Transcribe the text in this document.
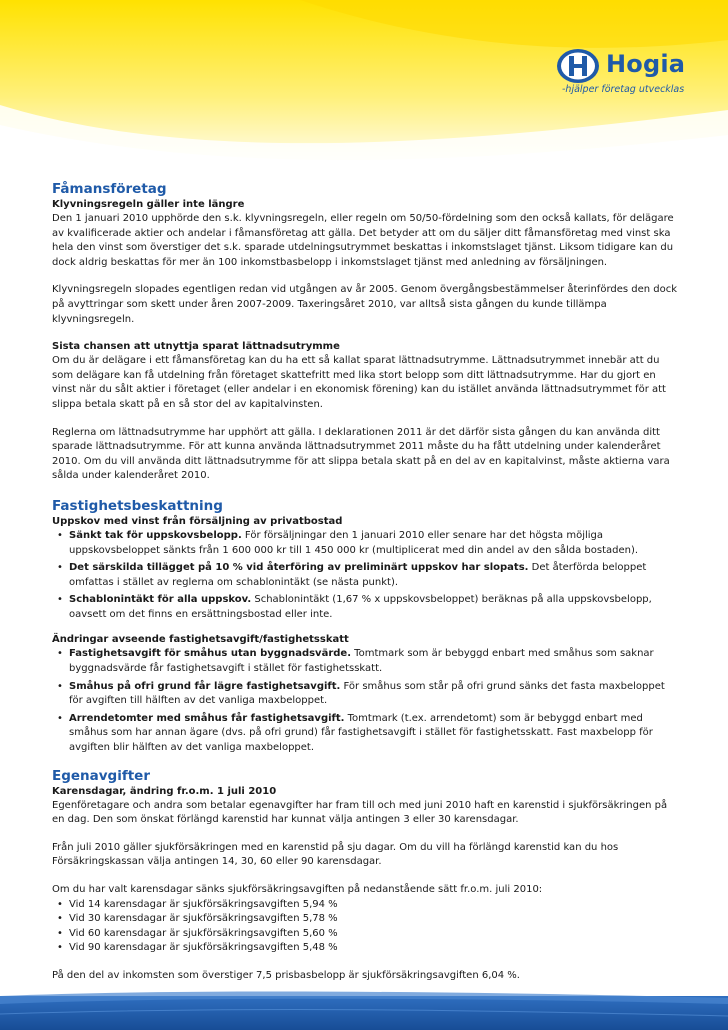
Hogia
-hjälper företag utvecklas
Fåmansföretag
Klyvningsregeln gäller inte längre

Den 1 januari 2010 upphörde den s.k. klyvningsregeln, eller regeln om 50/50-fördelning som den också kallats, för delägare av kvalificerade aktier och andelar i fåmansföretag att gälla. Det betyder att om du säljer ditt fåmansföretag med vinst ska hela den vinst som överstiger det s.k. sparade utdelningsutrymmet beskattas i inkomstslaget tjänst. Liksom tidigare kan du dock aldrig beskattas för mer än 100 inkomstbasbelopp i inkomstslaget tjänst med anledning av försäljningen.

Klyvningsregeln slopades egentligen redan vid utgången av år 2005. Genom övergångsbestämmelser återinfördes den dock på avyttringar som skett under åren 2007-2009. Taxeringsåret 2010, var alltså sista gången du kunde tillämpa klyvningsregeln.

Sista chansen att utnyttja sparat lättnadsutrymme

Om du är delägare i ett fåmansföretag kan du ha ett så kallat sparat lättnadsutrymme. Lättnadsutrymmet innebär att du som delägare kan få utdelning från företaget skattefritt med lika stort belopp som ditt lättnadsutrymme. Har du gjort en vinst när du sålt aktier i företaget (eller andelar i en ekonomisk förening) kan du istället använda lättnadsutrymmet för att slippa betala skatt på en så stor del av kapitalvinsten.

Reglerna om lättnadsutrymme har upphört att gälla. I deklarationen 2011 är det därför sista gången du kan använda ditt sparade lättnadsutrymme. För att kunna använda lättnadsutrymmet 2011 måste du ha fått utdelning under kalenderåret 2010. Om du vill använda ditt lättnadsutrymme för att slippa betala skatt på en del av en kapitalvinst, måste aktierna vara sålda under kalenderåret 2010.

Fastighetsbeskattning
Uppskov med vinst från försäljning av privatbostad
• Sänkt tak för uppskovsbelopp. För försäljningar den 1 januari 2010 eller senare har det högsta möjliga uppskovsbeloppet sänkts från 1 600 000 kr till 1 450 000 kr (multiplicerat med din andel av den sålda bostaden).
• Det särskilda tillägget på 10 % vid återföring av preliminärt uppskov har slopats. Det återförda beloppet omfattas i stället av reglerna om schablonintäkt (se nästa punkt).
• Schablonintäkt för alla uppskov. Schablonintäkt (1,67 % x uppskovsbeloppet) beräknas på alla uppskovsbelopp, oavsett om det finns en ersättningsbostad eller inte.
Ändringar avseende fastighetsavgift/fastighetsskatt
• Fastighetsavgift för småhus utan byggnadsvärde. Tomtmark som är bebyggd enbart med småhus som saknar byggnadsvärde får fastighetsavgift i stället för fastighetsskatt.
• Småhus på ofri grund får lägre fastighetsavgift. För småhus som står på ofri grund sänks det fasta maxbeloppet för avgiften till hälften av det vanliga maxbeloppet.
• Arrendetomter med småhus får fastighetsavgift. Tomtmark (t.ex. arrendetomt) som är bebyggd enbart med småhus som har annan ägare (dvs. på ofri grund) får fastighetsavgift i stället för fastighetsskatt. Fast maxbelopp för avgiften blir hälften av det vanliga maxbeloppet.
Egenavgifter
Karensdagar, ändring fr.o.m. 1 juli 2010

Egenföretagare och andra som betalar egenavgifter har fram till och med juni 2010 haft en karenstid i sjukförsäkringen på en dag. Den som önskat förlängd karenstid har kunnat välja antingen 3 eller 30 karensdagar.

Från juli 2010 gäller sjukförsäkringen med en karenstid på sju dagar. Om du vill ha förlängd karenstid kan du hos Försäkringskassan välja antingen 14, 30, 60 eller 90 karensdagar.

Om du har valt karensdagar sänks sjukförsäkringsavgiften på nedanstående sätt fr.o.m. juli 2010:

• Vid 14 karensdagar är sjukförsäkringsavgiften 5,94 %
• Vid 30 karensdagar är sjukförsäkringsavgiften 5,78 %
• Vid 60 karensdagar är sjukförsäkringsavgiften 5,60 %
• Vid 90 karensdagar är sjukförsäkringsavgiften 5,48 %

På den del av inkomsten som överstiger 7,5 prisbasbelopp är sjukförsäkringsavgiften 6,04 %.
